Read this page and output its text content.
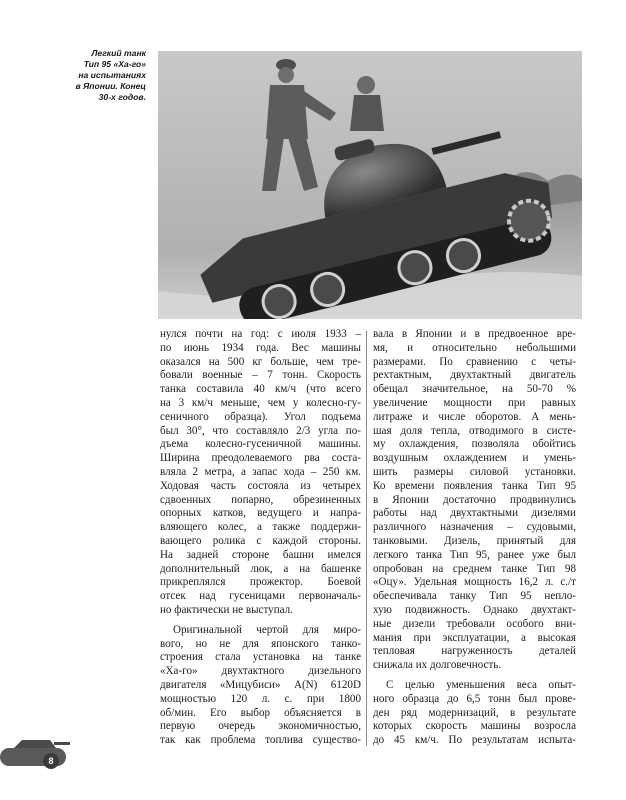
Легкий танк
Тип 95 «Ха-го»
на испытаниях
в Японии. Конец
30-х годов.
нулся почти на год: с июля 1933 –
по июнь 1934 года. Вес машины
оказался на 500 кг больше, чем тре-
бовали военные – 7 тонн. Скорость
танка составила 40 км/ч (что всего
на 3 км/ч меньше, чем у колесно-гу-
сеничного образца). Угол подъема
был 30°, что составляло 2/3 угла по-
дъема колесно-гусеничной машины.
Ширина преодолеваемого рва соста-
вляла 2 метра, а запас хода – 250 км.
Ходовая часть состояла из четырех
сдвоенных попарно, обрезиненных
опорных катков, ведущего и напра-
вляющего колес, а также поддержи-
вающего ролика с каждой стороны.
На задней стороне башни имелся
дополнительный люк, а на башенке
прикреплялся прожектор. Боевой
отсек над гусеницами первоначаль-
но фактически не выступал.
Оригинальной чертой для миро-
вого, но не для японского танко-
строения стала установка на танке
«Ха-го» двухтактного дизельного
двигателя «Мицубиси» A(N) 6120D
мощностью 120 л. с. при 1800
об/мин. Его выбор объясняется в
первую очередь экономичностью,
так как проблема топлива существо-
вала в Японии и в предвоенное вре-
мя, и относительно небольшими
размерами. По сравнению с четы-
рехтактным, двухтактный двигатель
обещал значительное, на 50-70 %
увеличение мощности при равных
литраже и числе оборотов. А мень-
шая доля тепла, отводимого в систе-
му охлаждения, позволяла обойтись
воздушным охлаждением и умень-
шить размеры силовой установки.
Ко времени появления танка Тип 95
в Японии достаточно продвинулись
работы над двухтактными дизелями
различного назначения – судовыми,
танковыми. Дизель, принятый для
легкого танка Тип 95, ранее уже был
опробован на среднем танке Тип 98
«Оцу». Удельная мощность 16,2 л. с./т
обеспечивала танку Тип 95 непло-
хую подвижность. Однако двухтакт-
ные дизели требовали особого вни-
мания при эксплуатации, а высокая
тепловая нагруженность деталей
снижала их долговечность.
С целью уменьшения веса опыт-
ного образца до 6,5 тонн был прове-
ден ряд модернизаций, в результате
которых скорость машины возросла
до 45 км/ч. По результатам испыта-
8
